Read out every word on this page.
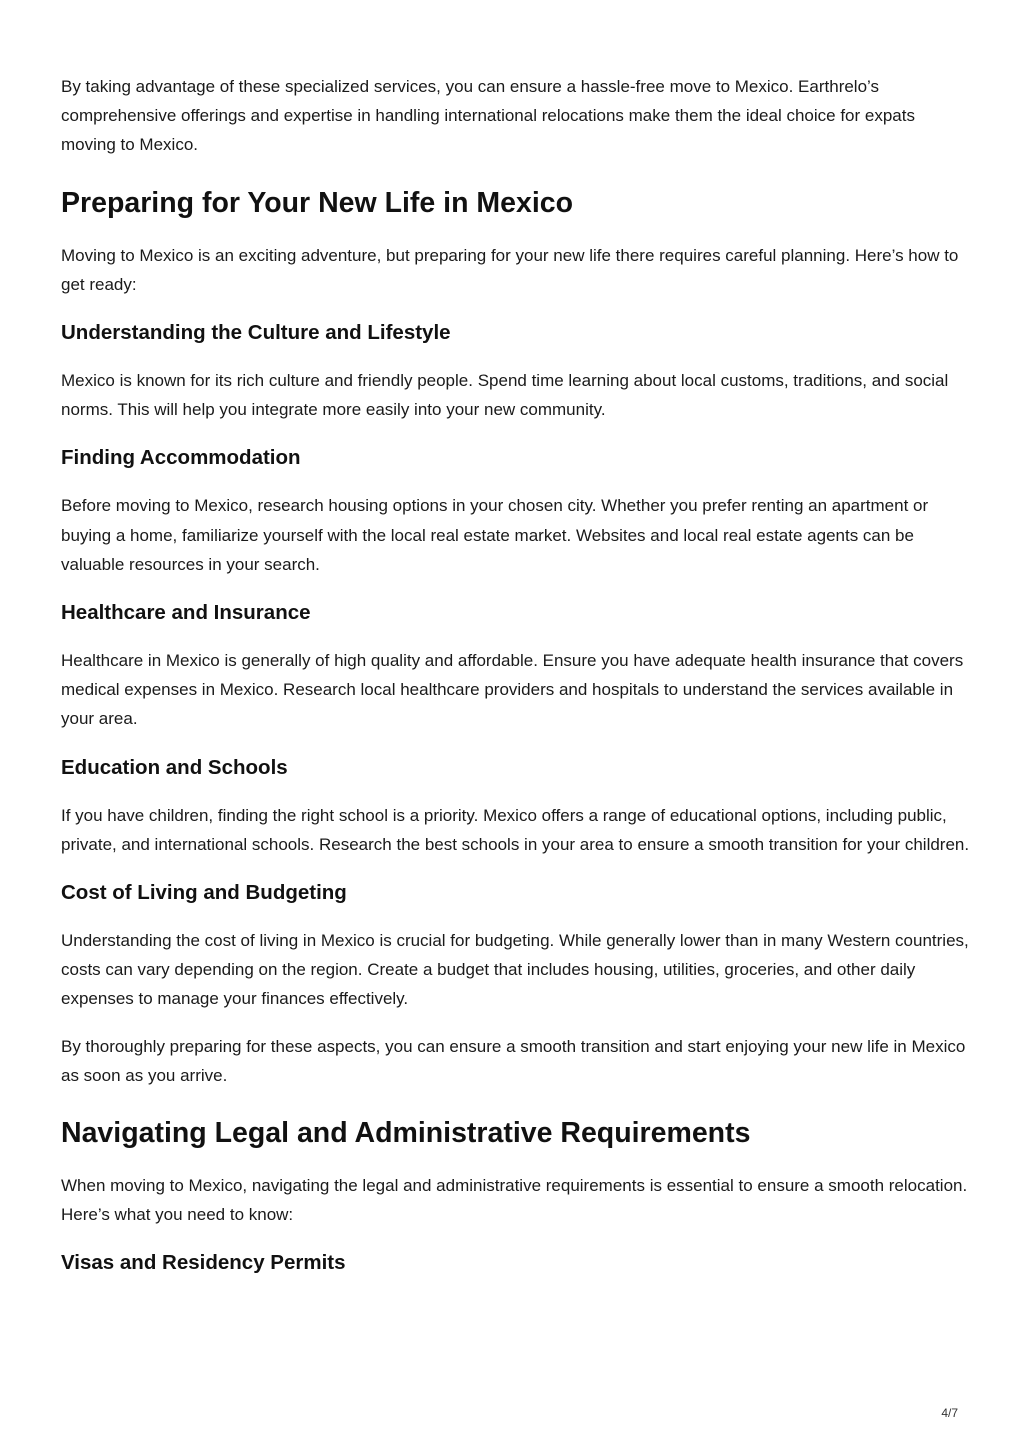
By taking advantage of these specialized services, you can ensure a hassle-free move to Mexico. Earthrelo’s comprehensive offerings and expertise in handling international relocations make them the ideal choice for expats moving to Mexico.

Preparing for Your New Life in Mexico

Moving to Mexico is an exciting adventure, but preparing for your new life there requires careful planning. Here’s how to get ready:

Understanding the Culture and Lifestyle

Mexico is known for its rich culture and friendly people. Spend time learning about local customs, traditions, and social norms. This will help you integrate more easily into your new community.

Finding Accommodation

Before moving to Mexico, research housing options in your chosen city. Whether you prefer renting an apartment or buying a home, familiarize yourself with the local real estate market. Websites and local real estate agents can be valuable resources in your search.

Healthcare and Insurance

Healthcare in Mexico is generally of high quality and affordable. Ensure you have adequate health insurance that covers medical expenses in Mexico. Research local healthcare providers and hospitals to understand the services available in your area.

Education and Schools

If you have children, finding the right school is a priority. Mexico offers a range of educational options, including public, private, and international schools. Research the best schools in your area to ensure a smooth transition for your children.

Cost of Living and Budgeting

Understanding the cost of living in Mexico is crucial for budgeting. While generally lower than in many Western countries, costs can vary depending on the region. Create a budget that includes housing, utilities, groceries, and other daily expenses to manage your finances effectively.

By thoroughly preparing for these aspects, you can ensure a smooth transition and start enjoying your new life in Mexico as soon as you arrive.

Navigating Legal and Administrative Requirements

When moving to Mexico, navigating the legal and administrative requirements is essential to ensure a smooth relocation. Here’s what you need to know:

Visas and Residency Permits
4/7
